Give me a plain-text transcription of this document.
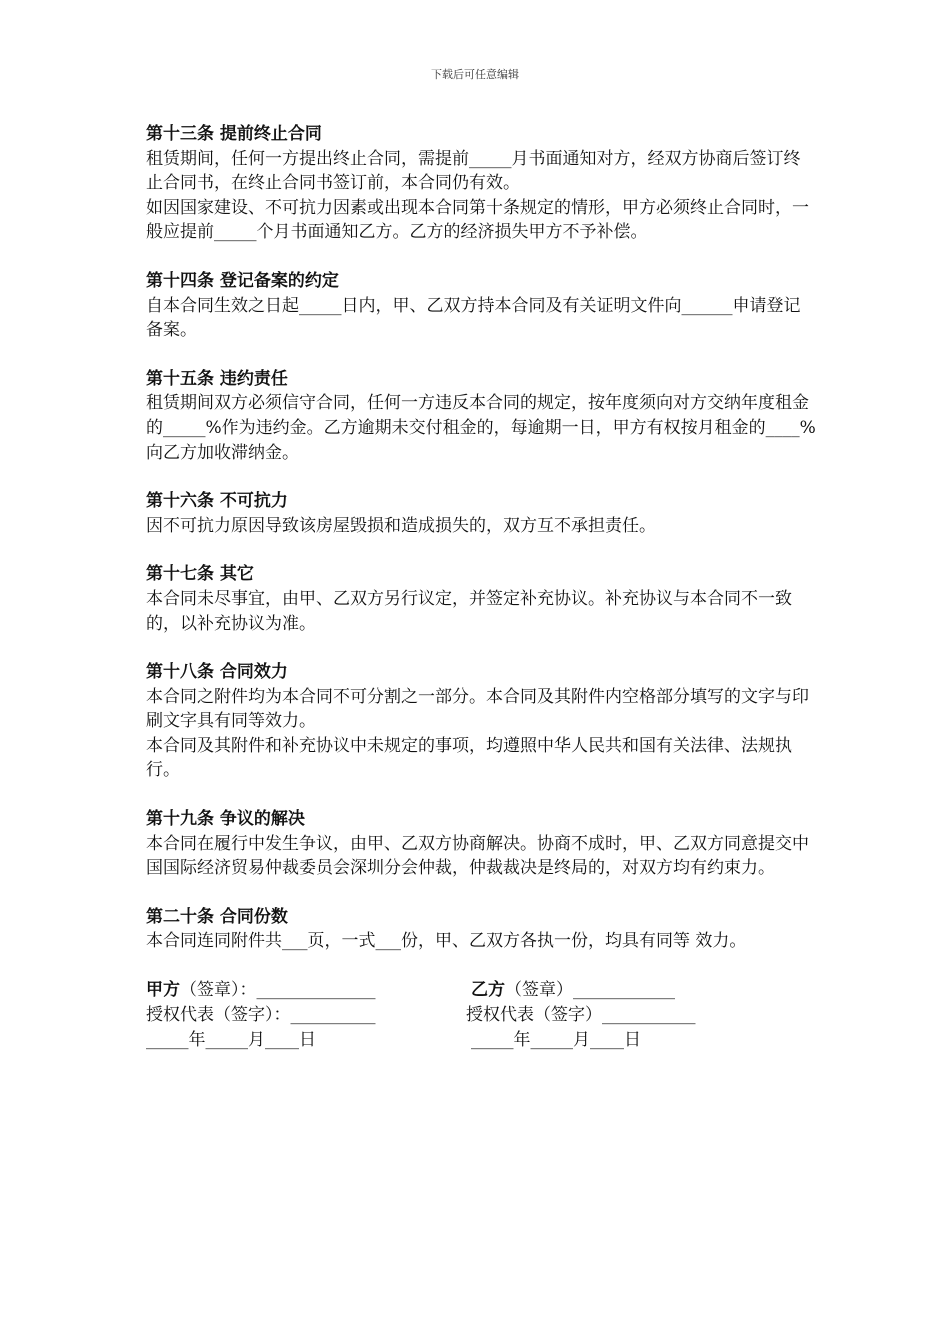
下载后可任意编辑
第十三条 提前终止合同
租赁期间，任何一方提出终止合同，需提前_____月书面通知对方，经双方协商后签订终止合同书，在终止合同书签订前，本合同仍有效。
如因国家建设、不可抗力因素或出现本合同第十条规定的情形，甲方必须终止合同时，一般应提前_____个月书面通知乙方。乙方的经济损失甲方不予补偿。
第十四条 登记备案的约定
自本合同生效之日起_____日内，甲、乙双方持本合同及有关证明文件向______申请登记备案。
第十五条 违约责任
租赁期间双方必须信守合同，任何一方违反本合同的规定，按年度须向对方交纳年度租金的_____%作为违约金。乙方逾期未交付租金的，每逾期一日，甲方有权按月租金的____%向乙方加收滞纳金。
第十六条 不可抗力
因不可抗力原因导致该房屋毁损和造成损失的，双方互不承担责任。
第十七条 其它
本合同未尽事宜，由甲、乙双方另行议定，并签定补充协议。补充协议与本合同不一致的，以补充协议为准。
第十八条 合同效力
本合同之附件均为本合同不可分割之一部分。本合同及其附件内空格部分填写的文字与印刷文字具有同等效力。
本合同及其附件和补充协议中未规定的事项，均遵照中华人民共和国有关法律、法规执行。
第十九条 争议的解决
本合同在履行中发生争议，由甲、乙双方协商解决。协商不成时，甲、乙双方同意提交中国国际经济贸易仲裁委员会深圳分会仲裁，仲裁裁决是终局的，对双方均有约束力。
第二十条 合同份数
本合同连同附件共___页，一式___份，甲、乙双方各执一份，均具有同等 效力。
甲方（签章）：______________	乙方（签章）____________
授权代表（签字）：__________	授权代表（签字）___________
_____年_____月____日	_____年_____月____日
